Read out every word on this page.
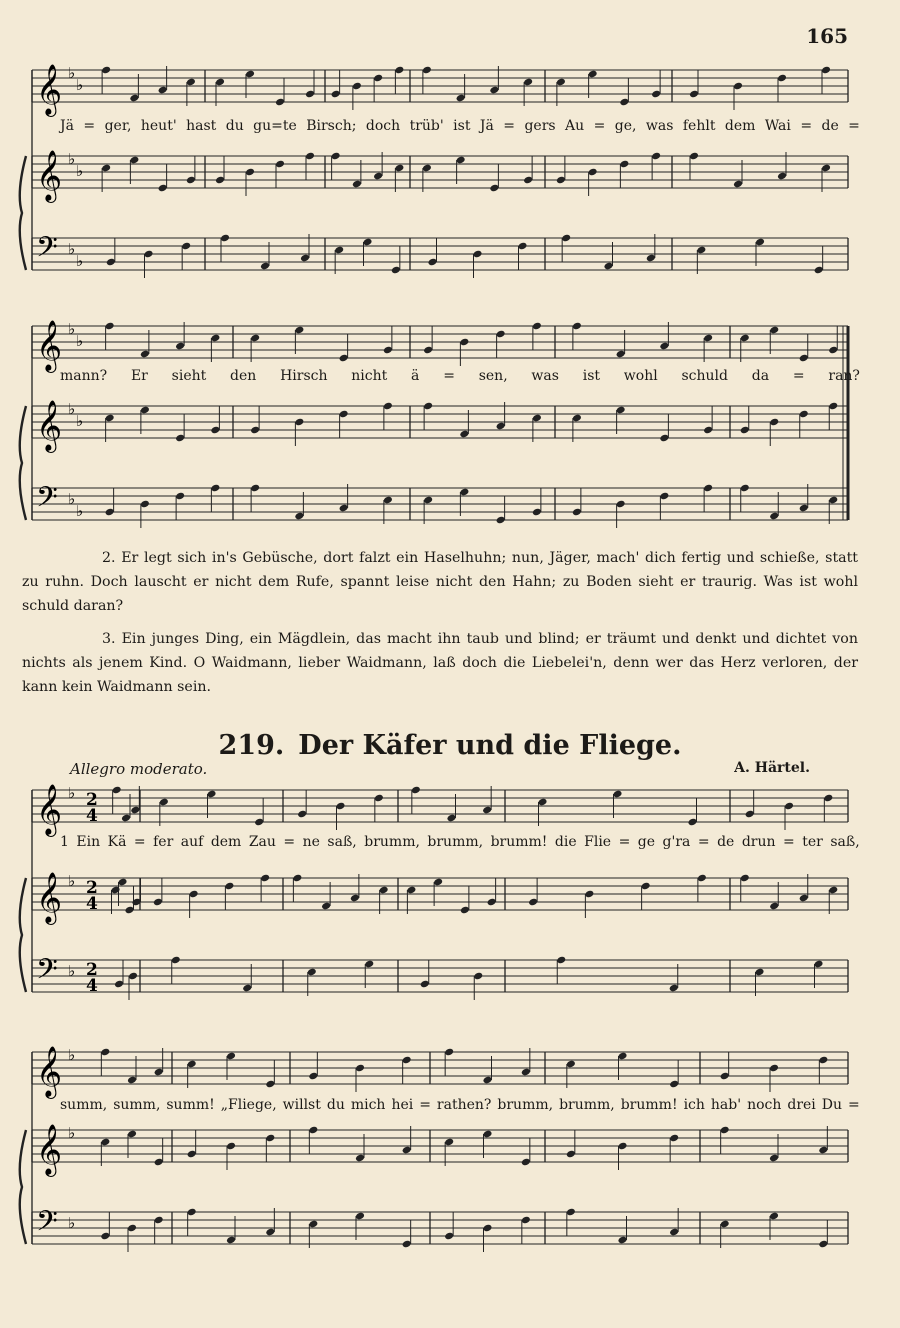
165
𝄞 ♭
♭
𝄞 ♭
♭
𝄢 ♭
♭
Jä = ger, heut' hast du gu=te Birsch; doch trüb' ist Jä = gers Au = ge, was fehlt dem Wai = de =
𝄞 ♭
♭
𝄞 ♭
♭
𝄢 ♭
♭
mann? Er sieht den Hirsch nicht ä = sen, was ist wohl schuld da = ran?
2. Er legt sich in's Gebüsche, dort falzt ein Haselhuhn; nun, Jäger, mach' dich fertig und schieße, statt zu ruhn. Doch lauscht er nicht dem Rufe, spannt leise nicht den Hahn; zu Boden sieht er traurig. Was ist wohl schuld daran?
3. Ein junges Ding, ein Mägdlein, das macht ihn taub und blind; er träumt und denkt und dichtet von nichts als jenem Kind. O Waidmann, lieber Waidmann, laß doch die Liebelei'n, denn wer das Herz verloren, der kann kein Waidmann sein.
219. Der Käfer und die Fliege.
Allegro moderato.	A. Härtel.
𝄞 ♭ 2
4
𝄞 ♭ 2
4
𝄢 ♭ 2
4
1 Ein Kä = fer auf dem Zau = ne saß, brumm, brumm, brumm! die Flie = ge g'ra = de drun = ter saß,
𝄞 ♭
𝄞 ♭
𝄢 ♭
summ, summ, summ! „Fliege, willst du mich hei = rathen? brumm, brumm, brumm! ich hab' noch drei Du =
